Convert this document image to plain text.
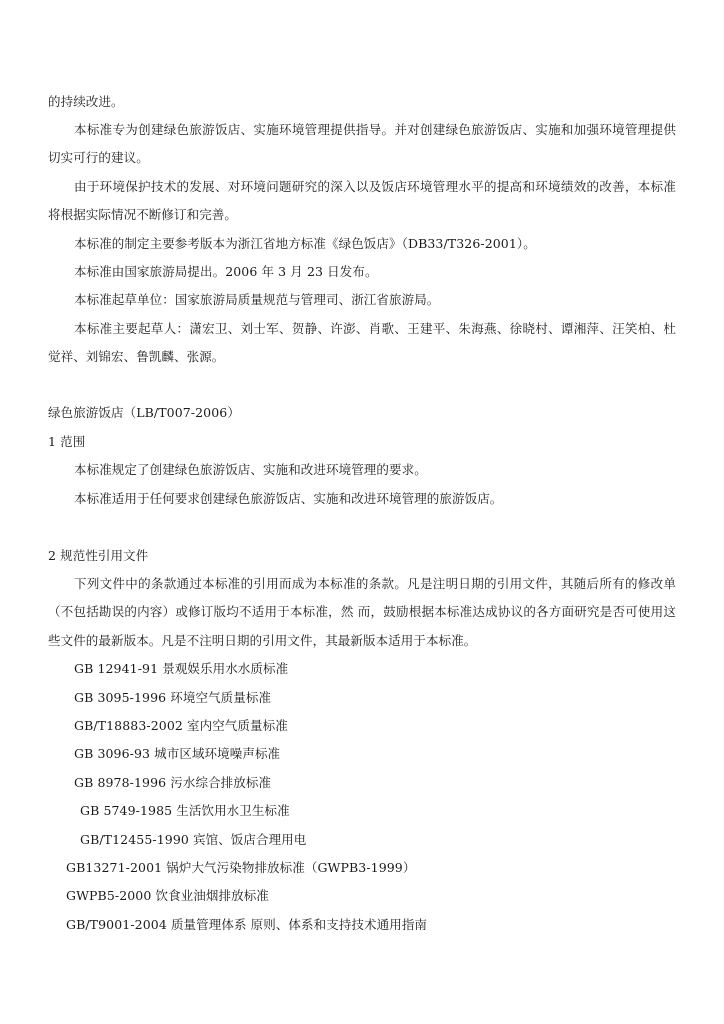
的持续改进。
本标准专为创建绿色旅游饭店、实施环境管理提供指导。并对创建绿色旅游饭店、实施和加强环境管理提供
切实可行的建议。
由于环境保护技术的发展、对环境问题研究的深入以及饭店环境管理水平的提高和环境绩效的改善，本标准
将根据实际情况不断修订和完善。
本标准的制定主要参考版本为浙江省地方标准《绿色饭店》（DB33/T326-2001）。
本标准由国家旅游局提出。2006 年 3 月 23 日发布。
本标准起草单位：国家旅游局质量规范与管理司、浙江省旅游局。
本标准主要起草人：潇宏卫、刘士军、贺静、许澎、肖歌、王建平、朱海燕、徐晓村、谭湘萍、汪笑柏、杜
觉祥、刘锦宏、鲁凯麟、张源。
绿色旅游饭店（LB/T007-2006）
1 范围
本标准规定了创建绿色旅游饭店、实施和改进环境管理的要求。
本标准适用于任何要求创建绿色旅游饭店、实施和改进环境管理的旅游饭店。
2 规范性引用文件
下列文件中的条款通过本标准的引用而成为本标准的条款。凡是注明日期的引用文件，其随后所有的修改单
（不包括勘误的内容）或修订版均不适用于本标准，然 而，鼓励根据本标准达成协议的各方面研究是否可使用这
些文件的最新版本。凡是不注明日期的引用文件，其最新版本适用于本标准。
GB 12941-91 景观娱乐用水水质标准
GB 3095-1996 环境空气质量标准
GB/T18883-2002 室内空气质量标准
GB 3096-93 城市区域环境噪声标准
GB 8978-1996 污水综合排放标准
GB 5749-1985 生活饮用水卫生标准
GB/T12455-1990 宾馆、饭店合理用电
GB13271-2001 锅炉大气污染物排放标准（GWPB3-1999）
GWPB5-2000 饮食业油烟排放标准
GB/T9001-2004 质量管理体系 原则、体系和支持技术通用指南
